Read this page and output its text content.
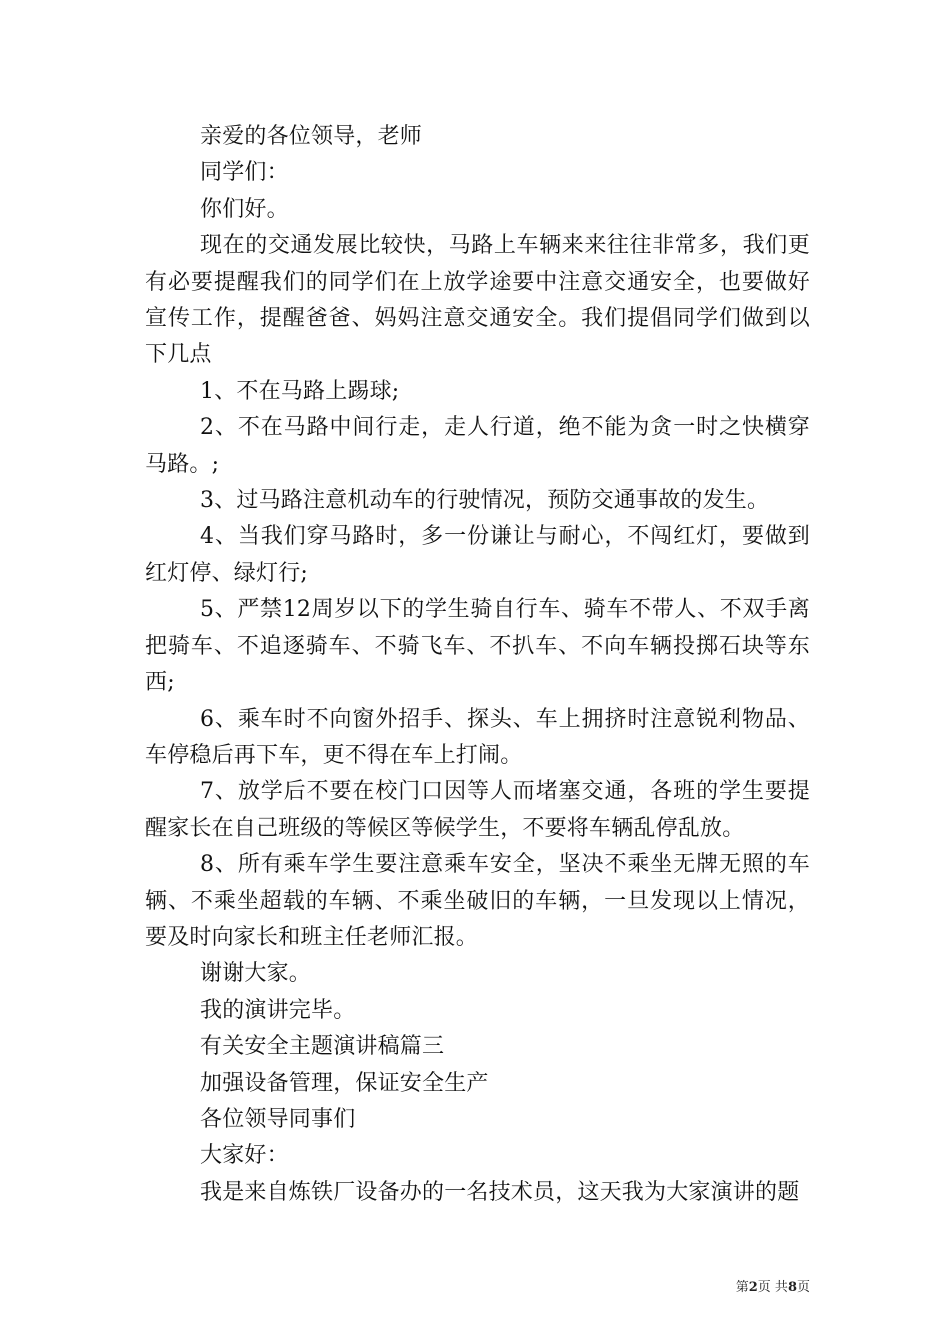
亲爱的各位领导，老师

同学们：

你们好。

现在的交通发展比较快，马路上车辆来来往往非常多，我们更有必要提醒我们的同学们在上放学途要中注意交通安全，也要做好宣传工作，提醒爸爸、妈妈注意交通安全。我们提倡同学们做到以下几点

1、不在马路上踢球;

2、不在马路中间行走，走人行道，绝不能为贪一时之快横穿马路。;

3、过马路注意机动车的行驶情况，预防交通事故的发生。

4、当我们穿马路时，多一份谦让与耐心，不闯红灯，要做到红灯停、绿灯行;

5、严禁12周岁以下的学生骑自行车、骑车不带人、不双手离把骑车、不追逐骑车、不骑飞车、不扒车、不向车辆投掷石块等东西;

6、乘车时不向窗外招手、探头、车上拥挤时注意锐利物品、车停稳后再下车，更不得在车上打闹。

7、放学后不要在校门口因等人而堵塞交通，各班的学生要提醒家长在自己班级的等候区等候学生，不要将车辆乱停乱放。

8、所有乘车学生要注意乘车安全，坚决不乘坐无牌无照的车辆、不乘坐超载的车辆、不乘坐破旧的车辆，一旦发现以上情况，要及时向家长和班主任老师汇报。

谢谢大家。

我的演讲完毕。

有关安全主题演讲稿篇三

加强设备管理，保证安全生产

各位领导同事们

大家好：

我是来自炼铁厂设备办的一名技术员，这天我为大家演讲的题

第2页 共8页
